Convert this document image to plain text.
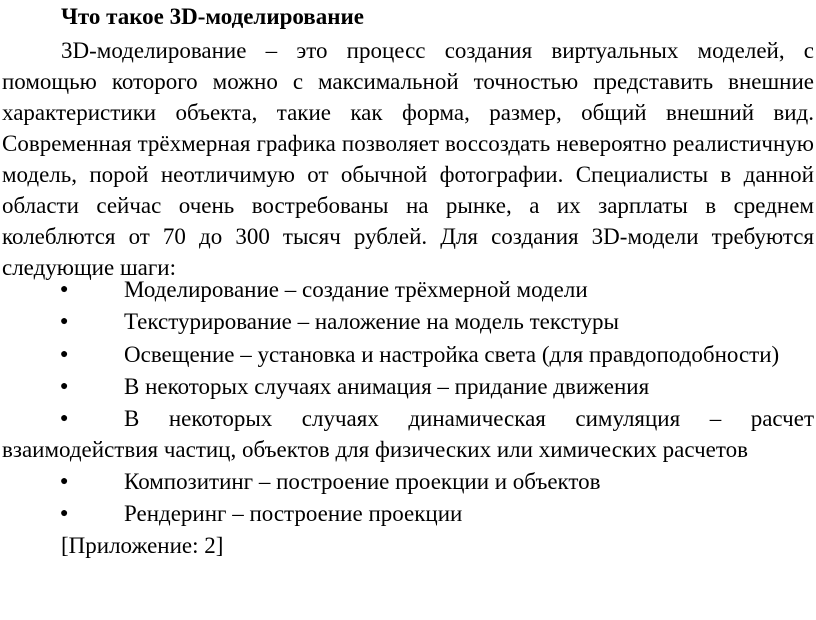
Что такое 3D-моделирование
3D-моделирование – это процесс создания виртуальных моделей, с помощью которого можно с максимальной точностью представить внешние характеристики объекта, такие как форма, размер, общий внешний вид. Современная трёхмерная графика позволяет воссоздать невероятно реалистичную модель, порой неотличимую от обычной фотографии. Специалисты в данной области сейчас очень востребованы на рынке, а их зарплаты в среднем колеблются от 70 до 300 тысяч рублей. Для создания 3D-модели требуются следующие шаги:
●	Моделирование – создание трёхмерной модели
●	Текстурирование – наложение на модель текстуры
●	Освещение – установка и настройка света (для правдоподобности)
●	В некоторых случаях анимация – придание движения
●	В некоторых случаях динамическая симуляция – расчет взаимодействия частиц, объектов для физических или химических расчетов
●	Композитинг – построение проекции и объектов
●	Рендеринг – построение проекции
[Приложение: 2]
